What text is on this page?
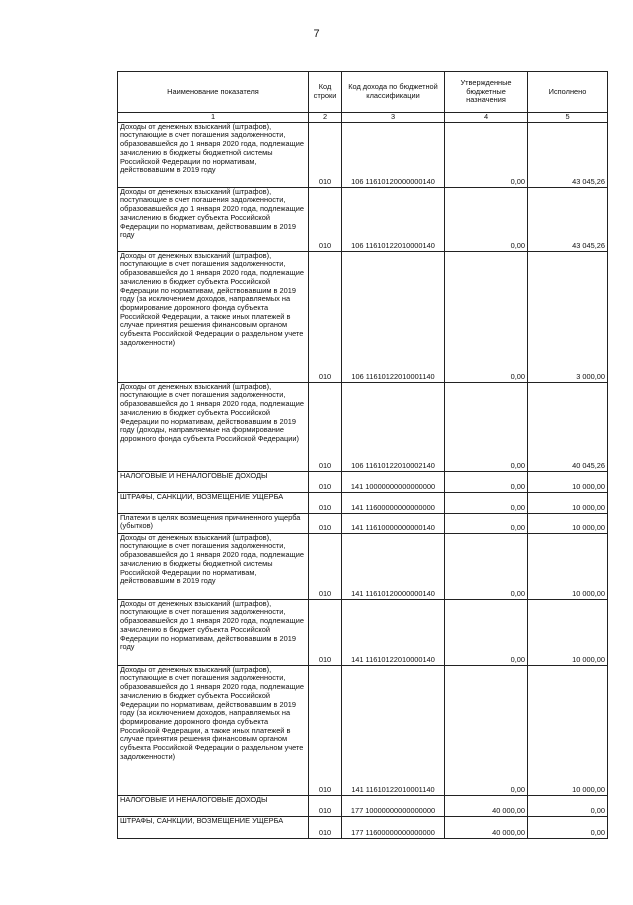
7
Наименование показателя	Код строки	Код дохода по бюджетной классификации	Утвержденные бюджетные назначения	Исполнено
1	2	3	4	5
Доходы от денежных взысканий (штрафов), поступающие в счет погашения задолженности, образовавшейся до 1 января 2020 года, подлежащие зачислению в бюджеты бюджетной системы Российской Федерации по нормативам, действовавшим в 2019 году	010	106 11610120000000140	0,00	43 045,26
Доходы от денежных взысканий (штрафов), поступающие в счет погашения задолженности, образовавшейся до 1 января 2020 года, подлежащие зачислению в бюджет субъекта Российской Федерации по нормативам, действовавшим в 2019 году	010	106 11610122010000140	0,00	43 045,26
Доходы от денежных взысканий (штрафов), поступающие в счет погашения задолженности, образовавшейся до 1 января 2020 года, подлежащие зачислению в бюджет субъекта Российской Федерации по нормативам, действовавшим в 2019 году (за исключением доходов, направляемых на формирование дорожного фонда субъекта Российской Федерации, а также иных платежей в случае принятия решения финансовым органом субъекта Российской Федерации о раздельном учете задолженности)	010	106 11610122010001140	0,00	3 000,00
Доходы от денежных взысканий (штрафов), поступающие в счет погашения задолженности, образовавшейся до 1 января 2020 года, подлежащие зачислению в бюджет субъекта Российской Федерации по нормативам, действовавшим в 2019 году (доходы, направляемые на формирование дорожного фонда субъекта Российской Федерации)	010	106 11610122010002140	0,00	40 045,26
НАЛОГОВЫЕ И НЕНАЛОГОВЫЕ ДОХОДЫ	010	141 10000000000000000	0,00	10 000,00
ШТРАФЫ, САНКЦИИ, ВОЗМЕЩЕНИЕ УЩЕРБА	010	141 11600000000000000	0,00	10 000,00
Платежи в целях возмещения причиненного ущерба (убытков)	010	141 11610000000000140	0,00	10 000,00
Доходы от денежных взысканий (штрафов), поступающие в счет погашения задолженности, образовавшейся до 1 января 2020 года, подлежащие зачислению в бюджеты бюджетной системы Российской Федерации по нормативам, действовавшим в 2019 году	010	141 11610120000000140	0,00	10 000,00
Доходы от денежных взысканий (штрафов), поступающие в счет погашения задолженности, образовавшейся до 1 января 2020 года, подлежащие зачислению в бюджет субъекта Российской Федерации по нормативам, действовавшим в 2019 году	010	141 11610122010000140	0,00	10 000,00
Доходы от денежных взысканий (штрафов), поступающие в счет погашения задолженности, образовавшейся до 1 января 2020 года, подлежащие зачислению в бюджет субъекта Российской Федерации по нормативам, действовавшим в 2019 году (за исключением доходов, направляемых на формирование дорожного фонда субъекта Российской Федерации, а также иных платежей в случае принятия решения финансовым органом субъекта Российской Федерации о раздельном учете задолженности)	010	141 11610122010001140	0,00	10 000,00
НАЛОГОВЫЕ И НЕНАЛОГОВЫЕ ДОХОДЫ	010	177 10000000000000000	40 000,00	0,00
ШТРАФЫ, САНКЦИИ, ВОЗМЕЩЕНИЕ УЩЕРБА	010	177 11600000000000000	40 000,00	0,00
